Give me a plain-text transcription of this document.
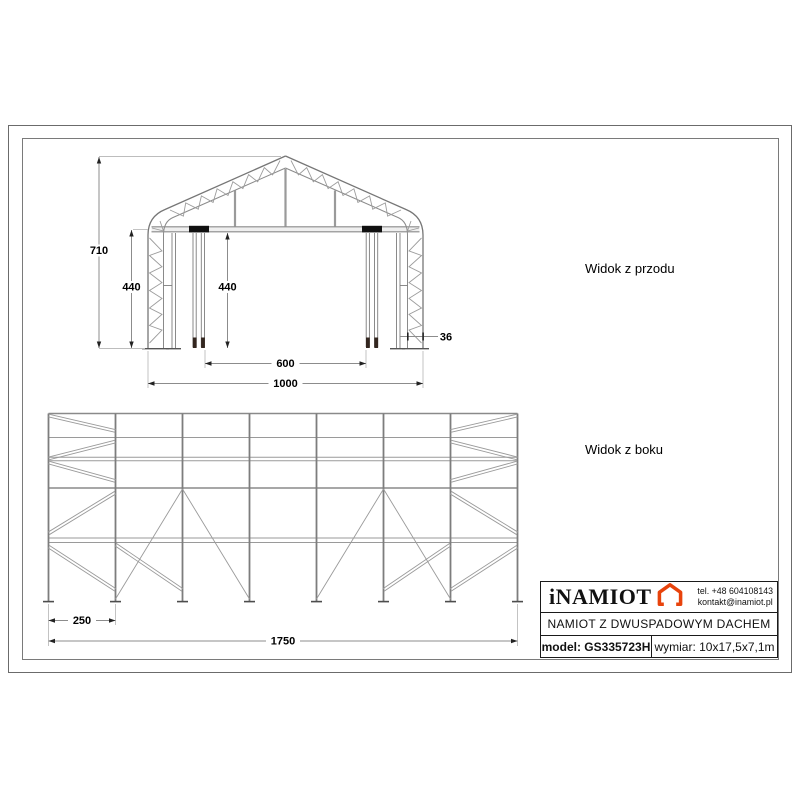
710
440	440
36
600
1000
250
1750
Widok z przodu
Widok z boku
iNAMIOT	tel. +48 604108143
kontakt@inamiot.pl
NAMIOT Z DWUSPADOWYM DACHEM
model: GS335723H wymiar: 10x17,5x7,1m
